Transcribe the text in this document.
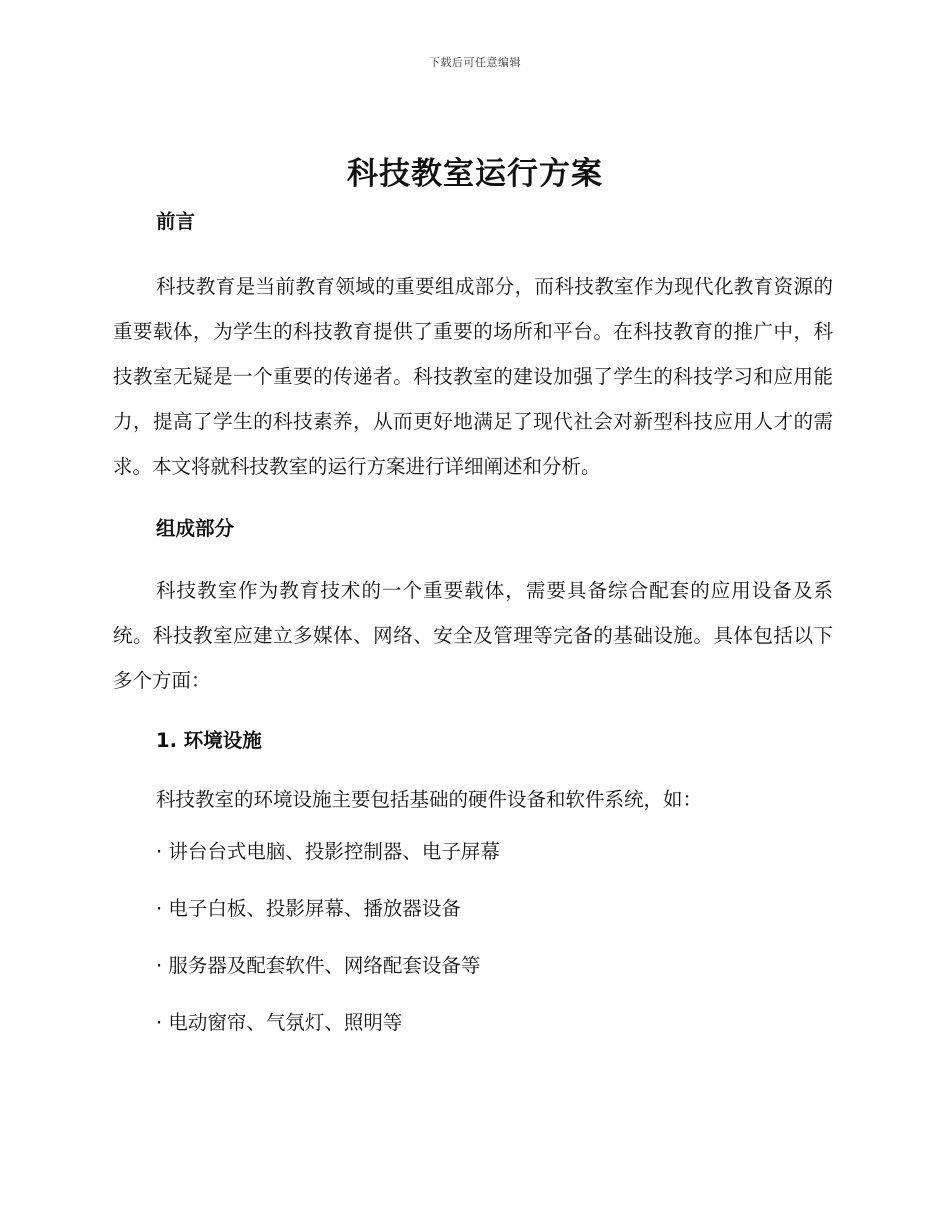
下载后可任意编辑
科技教室运行方案
前言

科技教育是当前教育领域的重要组成部分，而科技教室作为现代化教育资源的重要载体，为学生的科技教育提供了重要的场所和平台。在科技教育的推广中，科技教室无疑是一个重要的传递者。科技教室的建设加强了学生的科技学习和应用能力，提高了学生的科技素养，从而更好地满足了现代社会对新型科技应用人才的需求。本文将就科技教室的运行方案进行详细阐述和分析。

组成部分

科技教室作为教育技术的一个重要载体，需要具备综合配套的应用设备及系统。科技教室应建立多媒体、网络、安全及管理等完备的基础设施。具体包括以下多个方面：

1. 环境设施

科技教室的环境设施主要包括基础的硬件设备和软件系统，如：

· 讲台台式电脑、投影控制器、电子屏幕

· 电子白板、投影屏幕、播放器设备

· 服务器及配套软件、网络配套设备等

· 电动窗帘、气氛灯、照明等
